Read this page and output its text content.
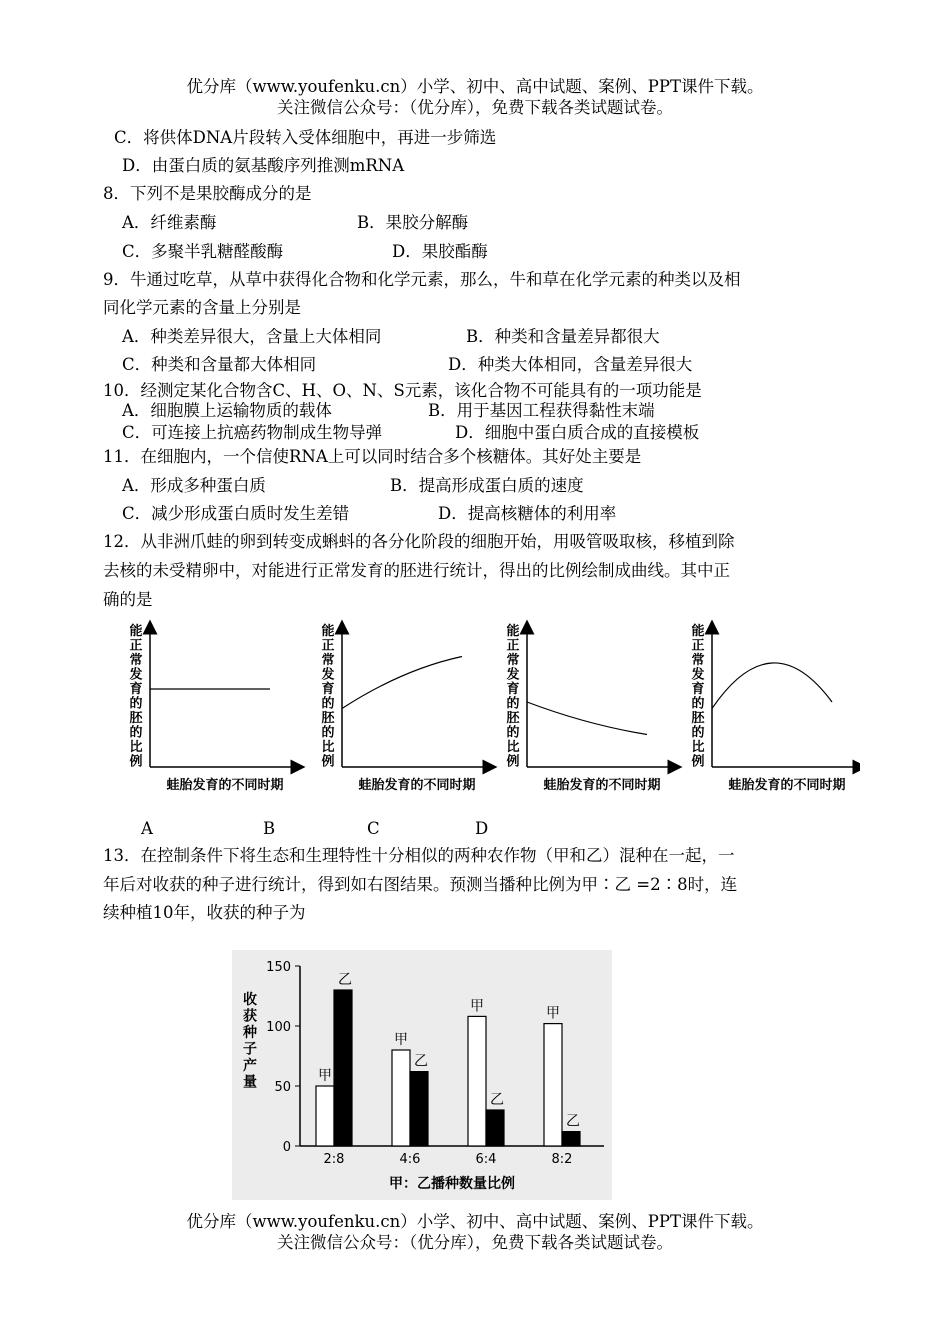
优分库（www.youfenku.cn）小学、初中、高中试题、案例、PPT课件下载。
关注微信公众号：（优分库），免费下载各类试题试卷。
C．将供体DNA片段转入受体细胞中，再进一步筛选
D．由蛋白质的氨基酸序列推测mRNA
8．下列不是果胶酶成分的是
A．纤维素酶	B．果胶分解酶
C．多聚半乳糖醛酸酶	D．果胶酯酶
9．牛通过吃草，从草中获得化合物和化学元素，那么，牛和草在化学元素的种类以及相
同化学元素的含量上分别是
A．种类差异很大，含量上大体相同	B．种类和含量差异都很大
C．种类和含量都大体相同	D．种类大体相同，含量差异很大
10．经测定某化合物含C、H、O、N、S元素，该化合物不可能具有的一项功能是
A．细胞膜上运输物质的载体	B．用于基因工程获得黏性末端
C．可连接上抗癌药物制成生物导弹	D．细胞中蛋白质合成的直接模板
11．在细胞内，一个信使RNA上可以同时结合多个核糖体。其好处主要是
A．形成多种蛋白质	B．提高形成蛋白质的速度
C．减少形成蛋白质时发生差错	D．提高核糖体的利用率
12．从非洲爪蛙的卵到转变成蝌蚪的各分化阶段的细胞开始，用吸管吸取核，移植到除
去核的未受精卵中，对能进行正常发育的胚进行统计，得出的比例绘制成曲线。其中正
确的是
能正常发育的胚的比例
蛙胎发育的不同时期
能正常发育的胚的比例
蛙胎发育的不同时期
能正常发育的胚的比例
蛙胎发育的不同时期
能正常发育的胚的比例
蛙胎发育的不同时期
A	B	C	D
13．在控制条件下将生态和生理特性十分相似的两种农作物（甲和乙）混种在一起，一
年后对收获的种子进行统计，得到如右图结果。预测当播种比例为甲∶乙 =2∶8时，连
续种植10年，收获的种子为
0
50
100
150
收获种子产量	甲
乙
2:8
甲
乙
4:6
甲
乙
6:4
甲
乙
8:2
甲：乙播种数量比例
优分库（www.youfenku.cn）小学、初中、高中试题、案例、PPT课件下载。
关注微信公众号：（优分库），免费下载各类试题试卷。
